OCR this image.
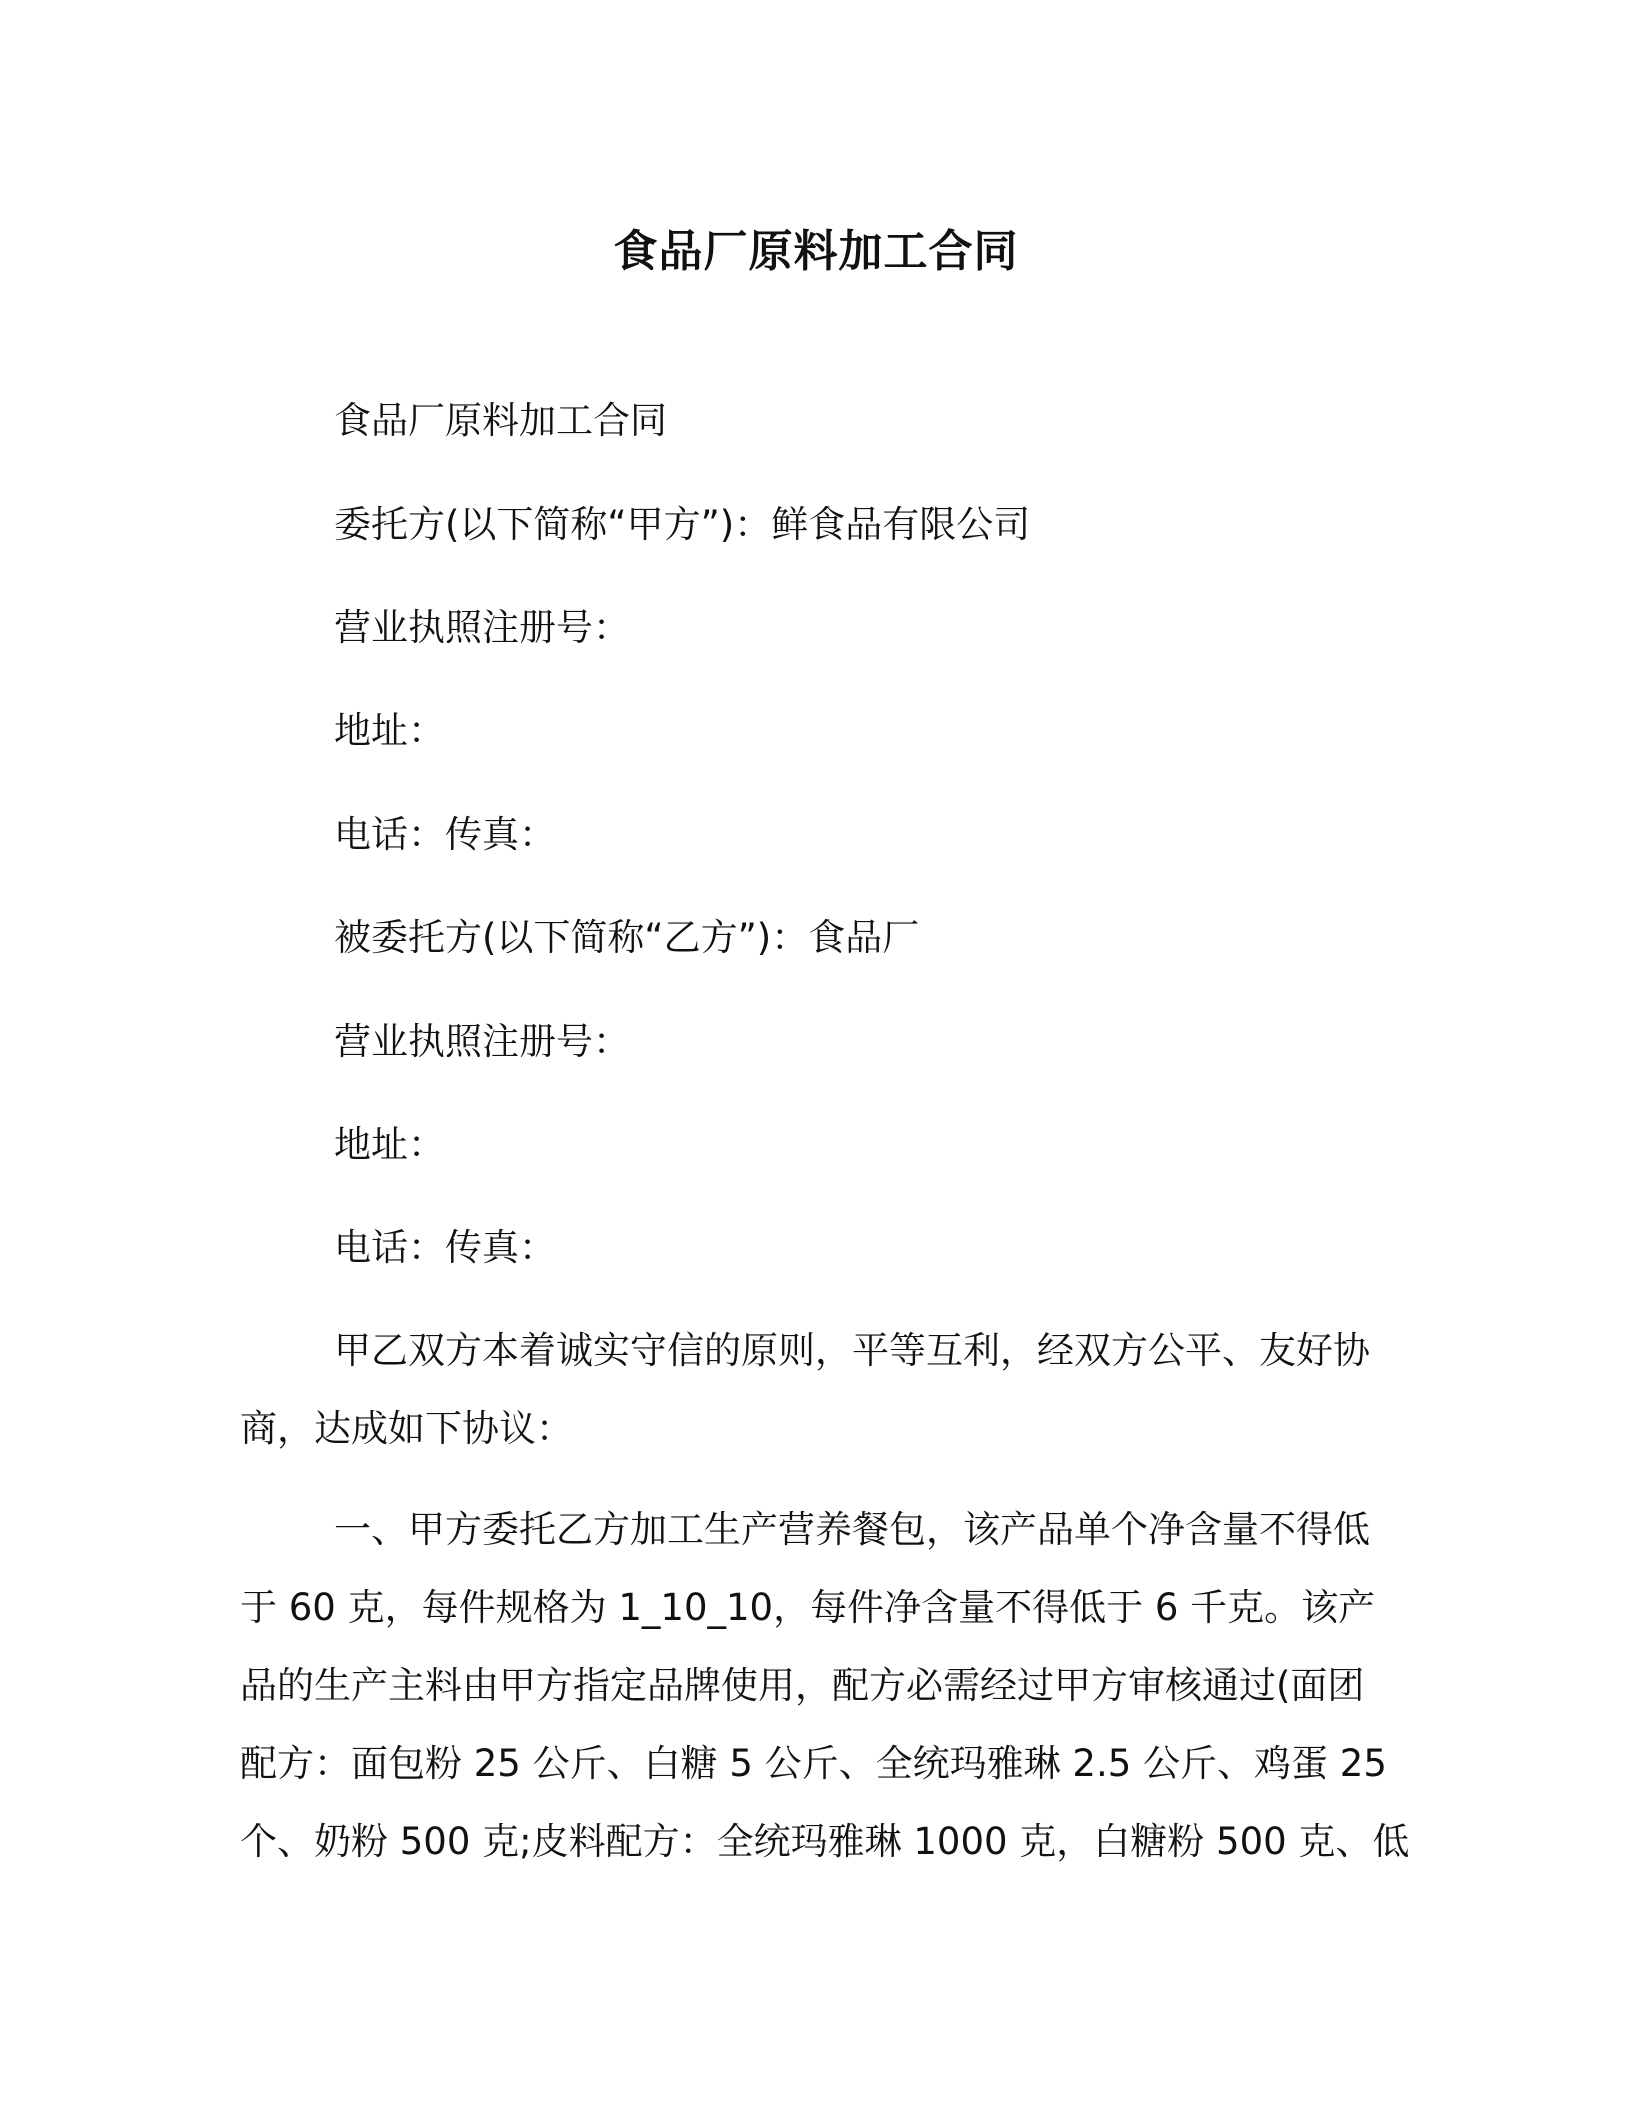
食品厂原料加工合同
食品厂原料加工合同
委托方(以下简称“甲方”)：鲜食品有限公司
营业执照注册号：
地址：
电话：传真：
被委托方(以下简称“乙方”)：食品厂
营业执照注册号：
地址：
电话：传真：
甲乙双方本着诚实守信的原则，平等互利，经双方公平、友好协
商，达成如下协议：
一、甲方委托乙方加工生产营养餐包，该产品单个净含量不得低
于 60 克，每件规格为 1_10_10，每件净含量不得低于 6 千克。该产
品的生产主料由甲方指定品牌使用，配方必需经过甲方审核通过(面团
配方：面包粉 25 公斤、白糖 5 公斤、全统玛雅琳 2.5 公斤、鸡蛋 25
个、奶粉 500 克;皮料配方：全统玛雅琳 1000 克，白糖粉 500 克、低
